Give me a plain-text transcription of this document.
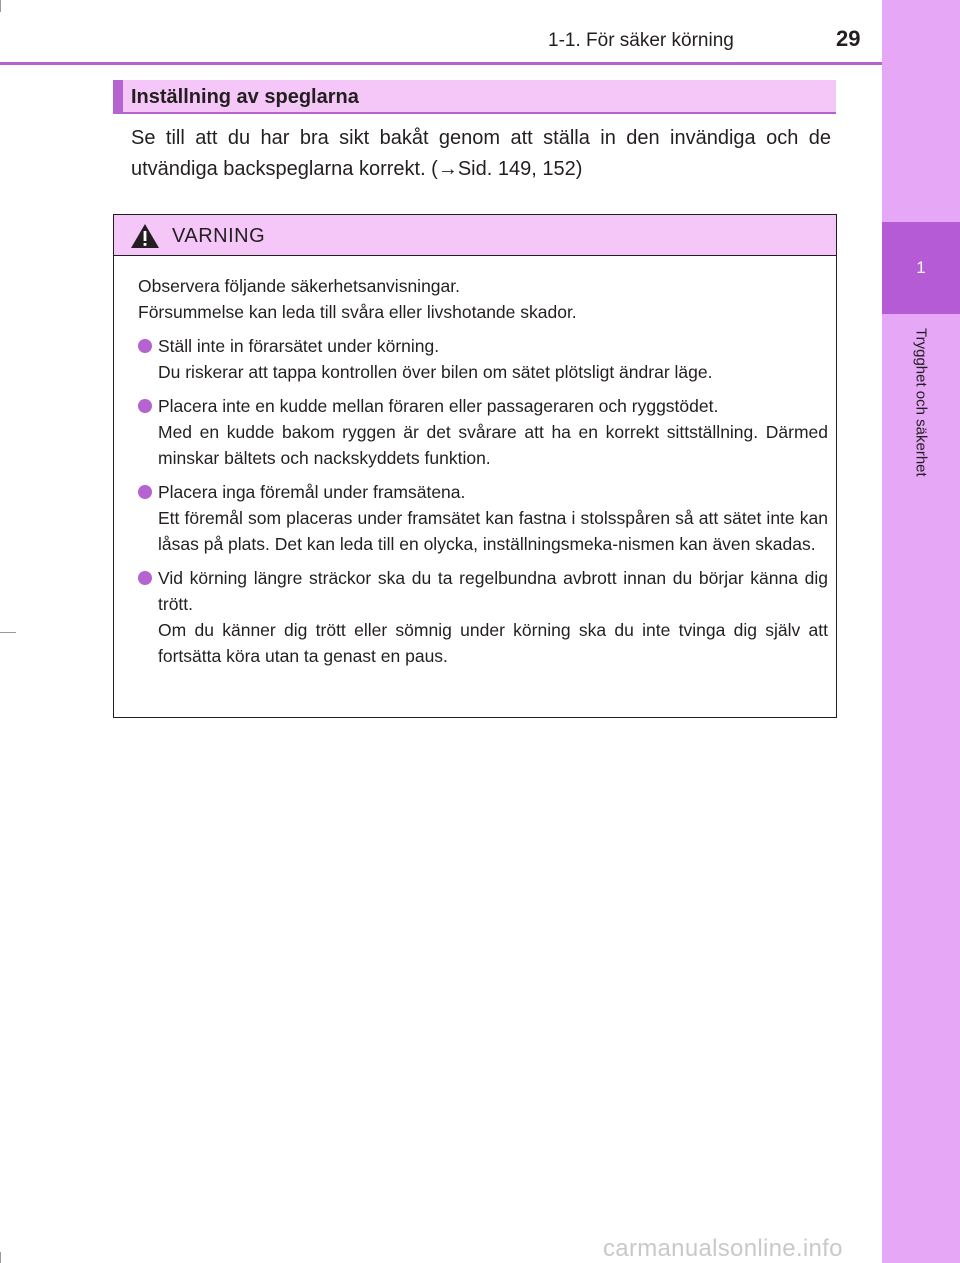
1
Trygghet och säkerhet
1-1. För säker körning	29
Inställning av speglarna

Se till att du har bra sikt bakåt genom att ställa in den invändiga och de utvändiga backspeglarna korrekt. (→Sid. 149, 152)

VARNING
Observera följande säkerhetsanvisningar.
Försummelse kan leda till svåra eller livshotande skador.
Ställ inte in förarsätet under körning.
Du riskerar att tappa kontrollen över bilen om sätet plötsligt ändrar läge.
Placera inte en kudde mellan föraren eller passageraren och ryggstödet.
Med en kudde bakom ryggen är det svårare att ha en korrekt sittställning. Därmed minskar bältets och nackskyddets funktion.
Placera inga föremål under framsätena.
Ett föremål som placeras under framsätet kan fastna i stolsspåren så att sätet inte kan låsas på plats. Det kan leda till en olycka, inställningsmeka-nismen kan även skadas.
Vid körning längre sträckor ska du ta regelbundna avbrott innan du börjar känna dig trött.
Om du känner dig trött eller sömnig under körning ska du inte tvinga dig själv att fortsätta köra utan ta genast en paus.
carmanualsonline.info
